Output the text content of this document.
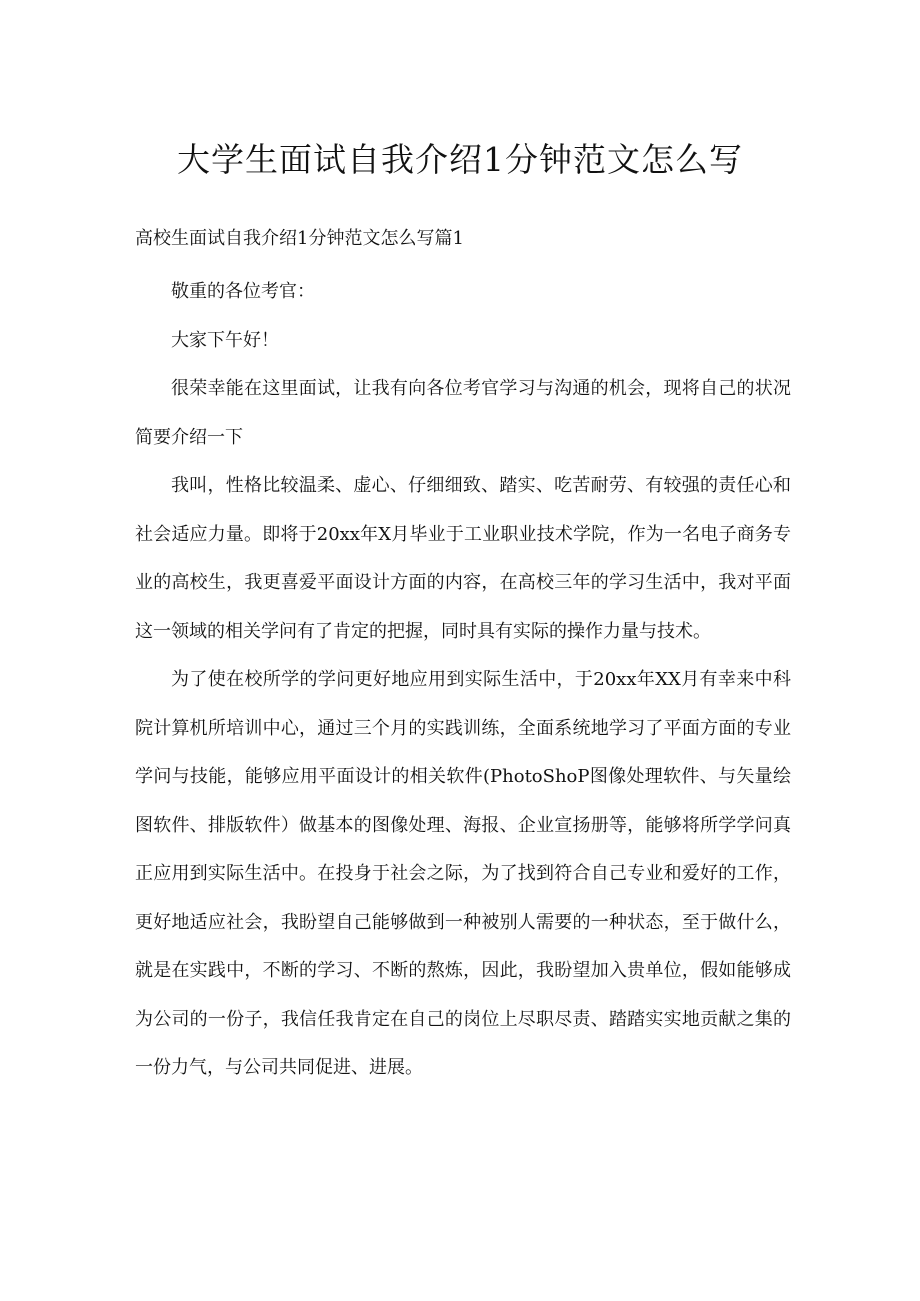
大学生面试自我介绍1分钟范文怎么写
高校生面试自我介绍1分钟范文怎么写篇1

敬重的各位考官：

大家下午好！

很荣幸能在这里面试，让我有向各位考官学习与沟通的机会，现将自己的状况简要介绍一下

我叫，性格比较温柔、虚心、仔细细致、踏实、吃苦耐劳、有较强的责任心和社会适应力量。即将于20xx年X月毕业于工业职业技术学院，作为一名电子商务专业的高校生，我更喜爱平面设计方面的内容，在高校三年的学习生活中，我对平面这一领域的相关学问有了肯定的把握，同时具有实际的操作力量与技术。

为了使在校所学的学问更好地应用到实际生活中，于20xx年XX月有幸来中科院计算机所培训中心，通过三个月的实践训练，全面系统地学习了平面方面的专业学问与技能，能够应用平面设计的相关软件(PhotoShoP图像处理软件、与矢量绘图软件、排版软件）做基本的图像处理、海报、企业宣扬册等，能够将所学学问真正应用到实际生活中。在投身于社会之际，为了找到符合自己专业和爱好的工作，更好地适应社会，我盼望自己能够做到一种被别人需要的一种状态，至于做什么，就是在实践中，不断的学习、不断的熬炼，因此，我盼望加入贵单位，假如能够成为公司的一份子，我信任我肯定在自己的岗位上尽职尽责、踏踏实实地贡献之集的一份力气，与公司共同促进、进展。
